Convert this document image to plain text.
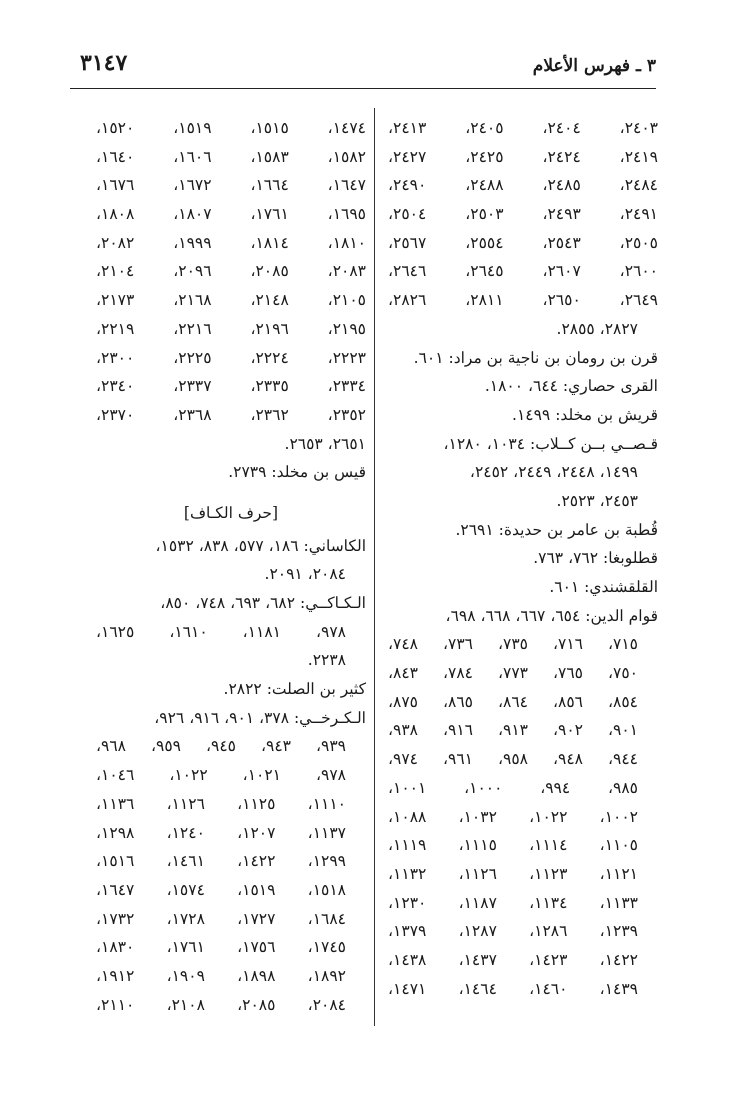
٣١٤٧	٣ ـ فهرس الأعلام
٢٤٠٣،
٢٤٠٤،
٢٤٠٥،
٢٤١٣،
٢٤١٩،
٢٤٢٤،
٢٤٢٥،
٢٤٢٧،
٢٤٨٤،
٢٤٨٥،
٢٤٨٨،
٢٤٩٠،
٢٤٩١،
٢٤٩٣،
٢٥٠٣،
٢٥٠٤،
٢٥٠٥،
٢٥٤٣،
٢٥٥٤،
٢٥٦٧،
٢٦٠٠،
٢٦٠٧،
٢٦٤٥،
٢٦٤٦،
٢٦٤٩،
٢٦٥٠،
٢٨١١،
٢٨٢٦،
٢٨٢٧، ٢٨٥٥.
قرن بن رومان بن ناجية بن مراد: ٦٠١.
القرى حصاري: ٦٤٤، ١٨٠٠.
قريش بن مخلد: ١٤٩٩.
قـصــي بــن كــلاب: ١٠٣٤، ١٢٨٠،
١٤٩٩، ٢٤٤٨، ٢٤٤٩، ٢٤٥٢،
٢٤٥٣، ٢٥٢٣.
قُطبة بن عامر بن حديدة: ٢٦٩١.
قطلوبغا: ٧٦٢، ٧٦٣.
القلقشندي: ٦٠١.
قوام الدين: ٦٥٤، ٦٦٧، ٦٦٨، ٦٩٨،
٧١٥،
٧١٦،
٧٣٥،
٧٣٦،
٧٤٨،
٧٥٠،
٧٦٥،
٧٧٣،
٧٨٤،
٨٤٣،
٨٥٤،
٨٥٦،
٨٦٤،
٨٦٥،
٨٧٥،
٩٠١،
٩٠٢،
٩١٣،
٩١٦،
٩٣٨،
٩٤٤،
٩٤٨،
٩٥٨،
٩٦١،
٩٧٤،
٩٨٥،
٩٩٤،
١٠٠٠،
١٠٠١،
١٠٠٢،
١٠٢٢،
١٠٣٢،
١٠٨٨،
١١٠٥،
١١١٤،
١١١٥،
١١١٩،
١١٢١،
١١٢٣،
١١٢٦،
١١٣٢،
١١٣٣،
١١٣٤،
١١٨٧،
١٢٣٠،
١٢٣٩،
١٢٨٦،
١٢٨٧،
١٣٧٩،
١٤٢٢،
١٤٢٣،
١٤٣٧،
١٤٣٨،
١٤٣٩،
١٤٦٠،
١٤٦٤،
١٤٧١،
١٤٧٤،
١٥١٥،
١٥١٩،
١٥٢٠،
١٥٨٢،
١٥٨٣،
١٦٠٦،
١٦٤٠،
١٦٤٧،
١٦٦٤،
١٦٧٢،
١٦٧٦،
١٦٩٥،
١٧٦١،
١٨٠٧،
١٨٠٨،
١٨١٠،
١٨١٤،
١٩٩٩،
٢٠٨٢،
٢٠٨٣،
٢٠٨٥،
٢٠٩٦،
٢١٠٤،
٢١٠٥،
٢١٤٨،
٢١٦٨،
٢١٧٣،
٢١٩٥،
٢١٩٦،
٢٢١٦،
٢٢١٩،
٢٢٢٣،
٢٢٢٤،
٢٢٢٥،
٢٣٠٠،
٢٣٣٤،
٢٣٣٥،
٢٣٣٧،
٢٣٤٠،
٢٣٥٢،
٢٣٦٢،
٢٣٦٨،
٢٣٧٠،
٢٦٥١، ٢٦٥٣.
قيس بن مخلد: ٢٧٣٩.
[حرف الكـاف]
الكاساني: ١٨٦، ٥٧٧، ٨٣٨، ١٥٣٢،
٢٠٨٤، ٢٠٩١.
الـكـاكــي: ٦٨٢، ٦٩٣، ٧٤٨، ٨٥٠،
٩٧٨،
١١٨١،
١٦١٠،
١٦٢٥،
٢٢٣٨.
كثير بن الصلت: ٢٨٢٢.
الـكـرخــي: ٣٧٨، ٩٠١، ٩١٦، ٩٢٦،
٩٣٩،
٩٤٣،
٩٤٥،
٩٥٩،
٩٦٨،
٩٧٨،
١٠٢١،
١٠٢٢،
١٠٤٦،
١١١٠،
١١٢٥،
١١٢٦،
١١٣٦،
١١٣٧،
١٢٠٧،
١٢٤٠،
١٢٩٨،
١٢٩٩،
١٤٢٢،
١٤٦١،
١٥١٦،
١٥١٨،
١٥١٩،
١٥٧٤،
١٦٤٧،
١٦٨٤،
١٧٢٧،
١٧٢٨،
١٧٣٢،
١٧٤٥،
١٧٥٦،
١٧٦١،
١٨٣٠،
١٨٩٢،
١٨٩٨،
١٩٠٩،
١٩١٢،
٢٠٨٤،
٢٠٨٥،
٢١٠٨،
٢١١٠،
